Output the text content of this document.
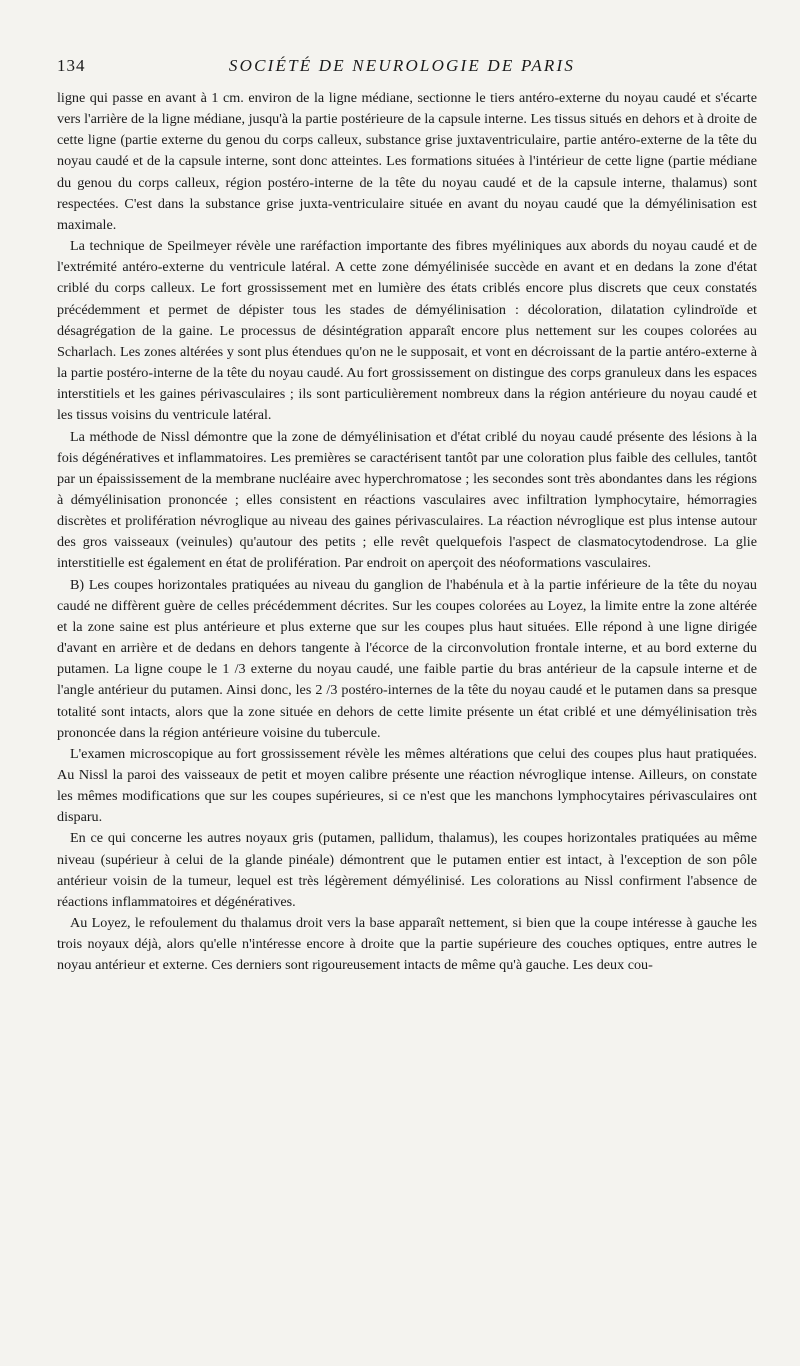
134	SOCIÉTÉ DE NEUROLOGIE DE PARIS

ligne qui passe en avant à 1 cm. environ de la ligne médiane, sectionne le tiers antéro-externe du noyau caudé et s'écarte vers l'arrière de la ligne médiane, jusqu'à la partie postérieure de la capsule interne. Les tissus situés en dehors et à droite de cette ligne (partie externe du genou du corps calleux, substance grise juxtaventriculaire, partie antéro-externe de la tête du noyau caudé et de la capsule interne, sont donc atteintes. Les formations situées à l'intérieur de cette ligne (partie médiane du genou du corps calleux, région postéro-interne de la tête du noyau caudé et de la capsule interne, thalamus) sont respectées. C'est dans la substance grise juxta-ventriculaire située en avant du noyau caudé que la démyélinisation est maximale.

La technique de Speilmeyer révèle une raréfaction importante des fibres myéliniques aux abords du noyau caudé et de l'extrémité antéro-externe du ventricule latéral. A cette zone démyélinisée succède en avant et en dedans la zone d'état criblé du corps calleux. Le fort grossissement met en lumière des états criblés encore plus discrets que ceux constatés précédemment et permet de dépister tous les stades de démyélinisation : décoloration, dilatation cylindroïde et désagrégation de la gaine. Le processus de désintégration apparaît encore plus nettement sur les coupes colorées au Scharlach. Les zones altérées y sont plus étendues qu'on ne le supposait, et vont en décroissant de la partie antéro-externe à la partie postéro-interne de la tête du noyau caudé. Au fort grossissement on distingue des corps granuleux dans les espaces interstitiels et les gaines périvasculaires ; ils sont particulièrement nombreux dans la région antérieure du noyau caudé et les tissus voisins du ventricule latéral.

La méthode de Nissl démontre que la zone de démyélinisation et d'état criblé du noyau caudé présente des lésions à la fois dégénératives et inflammatoires. Les premières se caractérisent tantôt par une coloration plus faible des cellules, tantôt par un épaississement de la membrane nucléaire avec hyperchromatose ; les secondes sont très abondantes dans les régions à démyélinisation prononcée ; elles consistent en réactions vasculaires avec infiltration lymphocytaire, hémorragies discrètes et prolifération névroglique au niveau des gaines périvasculaires. La réaction névroglique est plus intense autour des gros vaisseaux (veinules) qu'autour des petits ; elle revêt quelquefois l'aspect de clasmatocytodendrose. La glie interstitielle est également en état de prolifération. Par endroit on aperçoit des néoformations vasculaires.

B) Les coupes horizontales pratiquées au niveau du ganglion de l'habénula et à la partie inférieure de la tête du noyau caudé ne diffèrent guère de celles précédemment décrites. Sur les coupes colorées au Loyez, la limite entre la zone altérée et la zone saine est plus antérieure et plus externe que sur les coupes plus haut situées. Elle répond à une ligne dirigée d'avant en arrière et de dedans en dehors tangente à l'écorce de la circonvolution frontale interne, et au bord externe du putamen. La ligne coupe le 1 /3 externe du noyau caudé, une faible partie du bras antérieur de la capsule interne et de l'angle antérieur du putamen. Ainsi donc, les 2 /3 postéro-internes de la tête du noyau caudé et le putamen dans sa presque totalité sont intacts, alors que la zone située en dehors de cette limite présente un état criblé et une démyélinisation très prononcée dans la région antérieure voisine du tubercule.

L'examen microscopique au fort grossissement révèle les mêmes altérations que celui des coupes plus haut pratiquées. Au Nissl la paroi des vaisseaux de petit et moyen calibre présente une réaction névroglique intense. Ailleurs, on constate les mêmes modifications que sur les coupes supérieures, si ce n'est que les manchons lymphocytaires périvasculaires ont disparu.

En ce qui concerne les autres noyaux gris (putamen, pallidum, thalamus), les coupes horizontales pratiquées au même niveau (supérieur à celui de la glande pinéale) démontrent que le putamen entier est intact, à l'exception de son pôle antérieur voisin de la tumeur, lequel est très légèrement démyélinisé. Les colorations au Nissl confirment l'absence de réactions inflammatoires et dégénératives.

Au Loyez, le refoulement du thalamus droit vers la base apparaît nettement, si bien que la coupe intéresse à gauche les trois noyaux déjà, alors qu'elle n'intéresse encore à droite que la partie supérieure des couches optiques, entre autres le noyau antérieur et externe. Ces derniers sont rigoureusement intacts de même qu'à gauche. Les deux cou-
